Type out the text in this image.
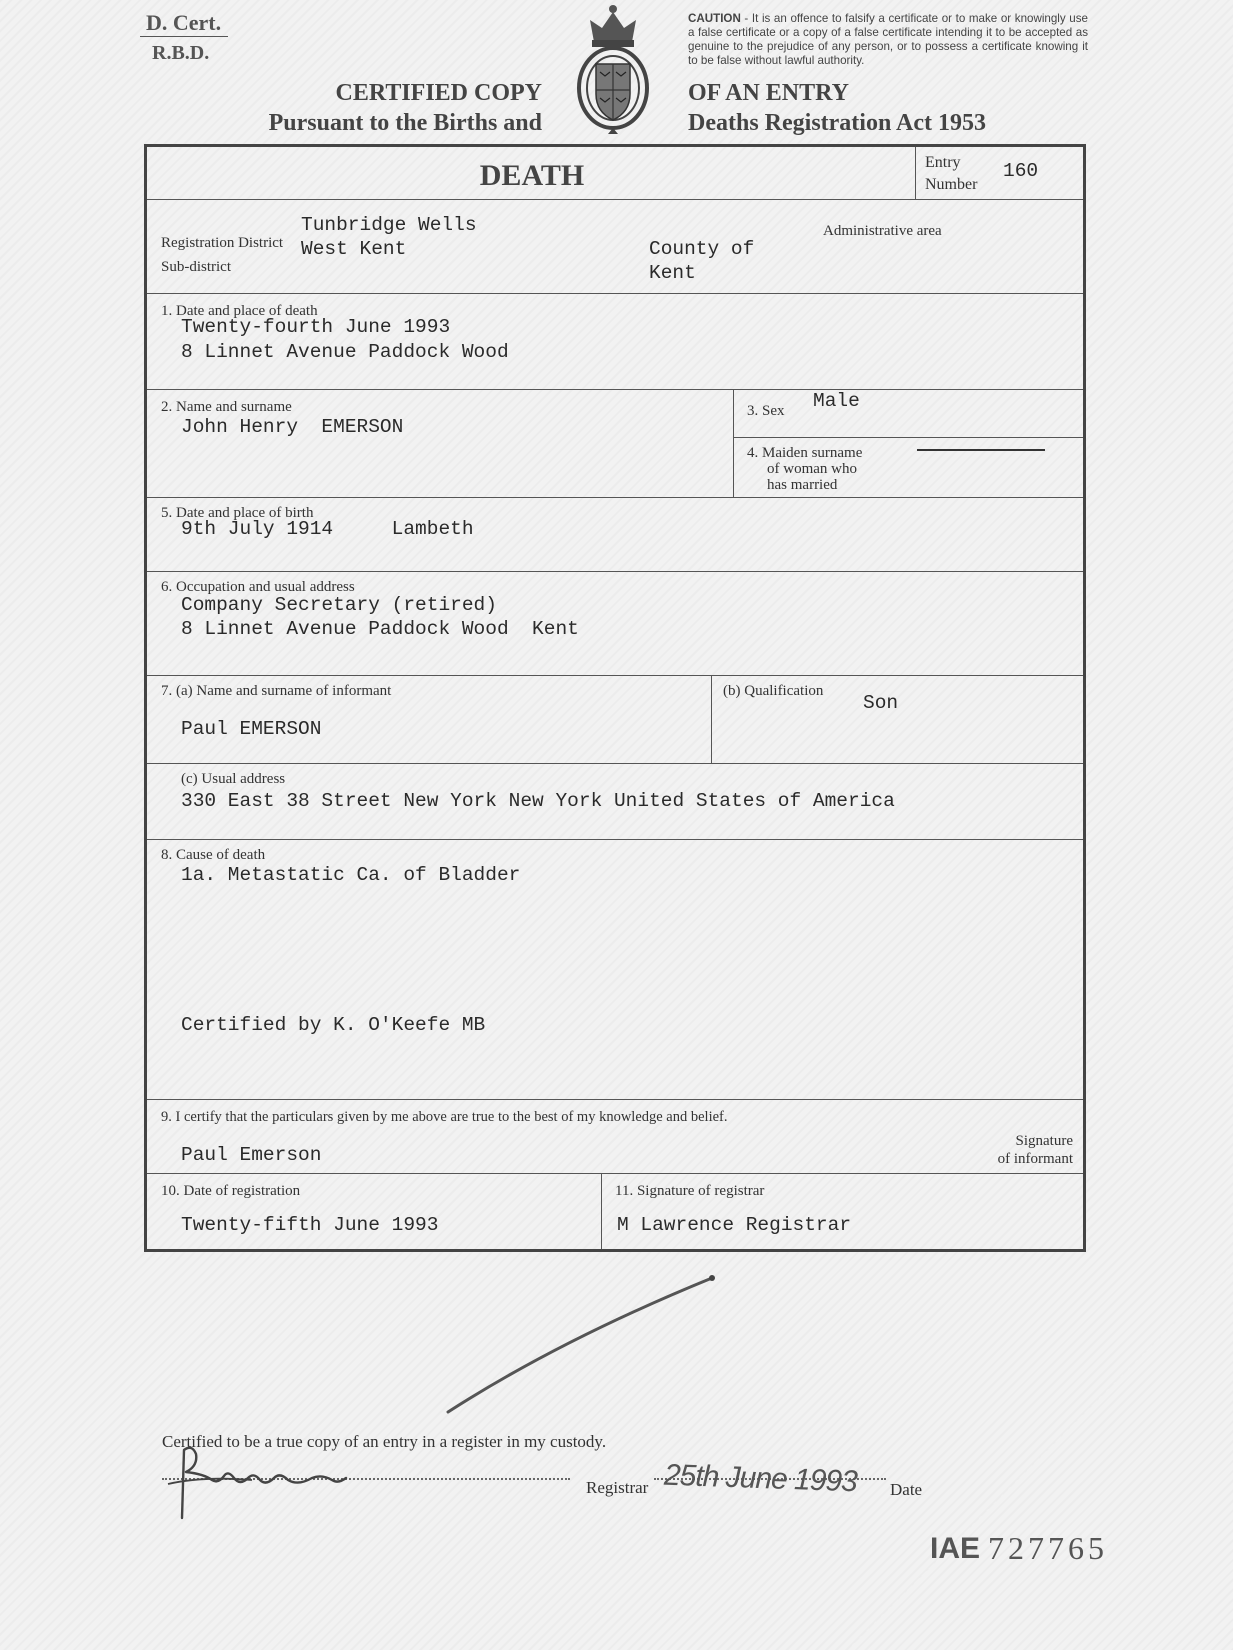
D. Cert.
R.B.D.
CAUTION - It is an offence to falsify a certificate or to make or knowingly use a false certificate or a copy of a false certificate intending it to be accepted as genuine to the prejudice of any person, or to possess a certificate knowing it to be false without lawful authority.
CERTIFIED COPY
Pursuant to the Births and
OF AN ENTRY
Deaths Registration Act 1953
DEATH	Entry
Number
160
Registration District
Tunbridge Wells
Sub-district
West Kent
Administrative area
County of
Kent
1. Date and place of death
Twenty-fourth June 1993
8 Linnet Avenue Paddock Wood
2. Name and surname
John Henry  EMERSON
3. Sex Male
4. Maiden surname
of woman who
has married
5. Date and place of birth
9th July 1914     Lambeth
6. Occupation and usual address
Company Secretary (retired)
8 Linnet Avenue Paddock Wood  Kent
7. (a) Name and surname of informant
Paul EMERSON
(b) Qualification
Son
(c) Usual address
330 East 38 Street New York New York United States of America
8. Cause of death
1a. Metastatic Ca. of Bladder
Certified by K. O'Keefe MB
9. I certify that the particulars given by me above are true to the best of my knowledge and belief.
Paul Emerson
Signature
of informant
10. Date of registration
Twenty-fifth June 1993
11. Signature of registrar
M Lawrence Registrar
Certified to be a true copy of an entry in a register in my custody.
Registrar 25th June 1993 Date
IAE 727765
